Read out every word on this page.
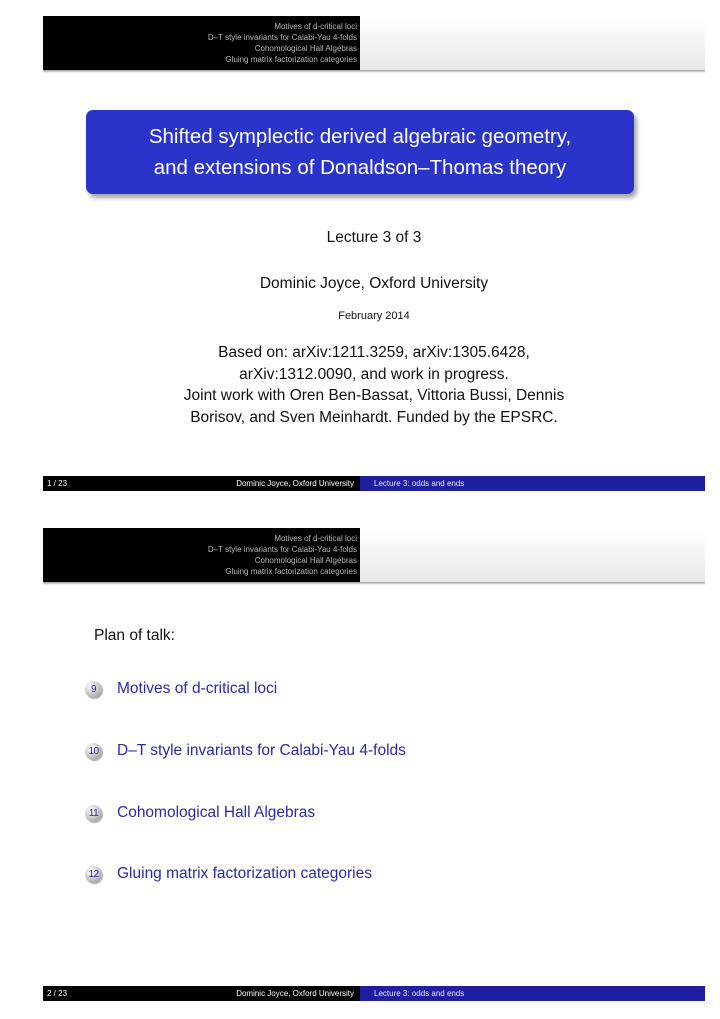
Motives of d-critical loci
D–T style invariants for Calabi-Yau 4-folds
Cohomological Hall Algebras
Gluing matrix factorization categories
Shifted symplectic derived algebraic geometry,
and extensions of Donaldson–Thomas theory
Lecture 3 of 3
Dominic Joyce, Oxford University
February 2014
Based on: arXiv:1211.3259, arXiv:1305.6428,
arXiv:1312.0090, and work in progress.
Joint work with Oren Ben-Bassat, Vittoria Bussi, Dennis
Borisov, and Sven Meinhardt. Funded by the EPSRC.
1 / 23	Dominic Joyce, Oxford University	Lecture 3: odds and ends
Motives of d-critical loci
D–T style invariants for Calabi-Yau 4-folds
Cohomological Hall Algebras
Gluing matrix factorization categories
Plan of talk:
9	Motives of d-critical loci
10 D–T style invariants for Calabi-Yau 4-folds
11 Cohomological Hall Algebras
12 Gluing matrix factorization categories
2 / 23	Dominic Joyce, Oxford University	Lecture 3: odds and ends
